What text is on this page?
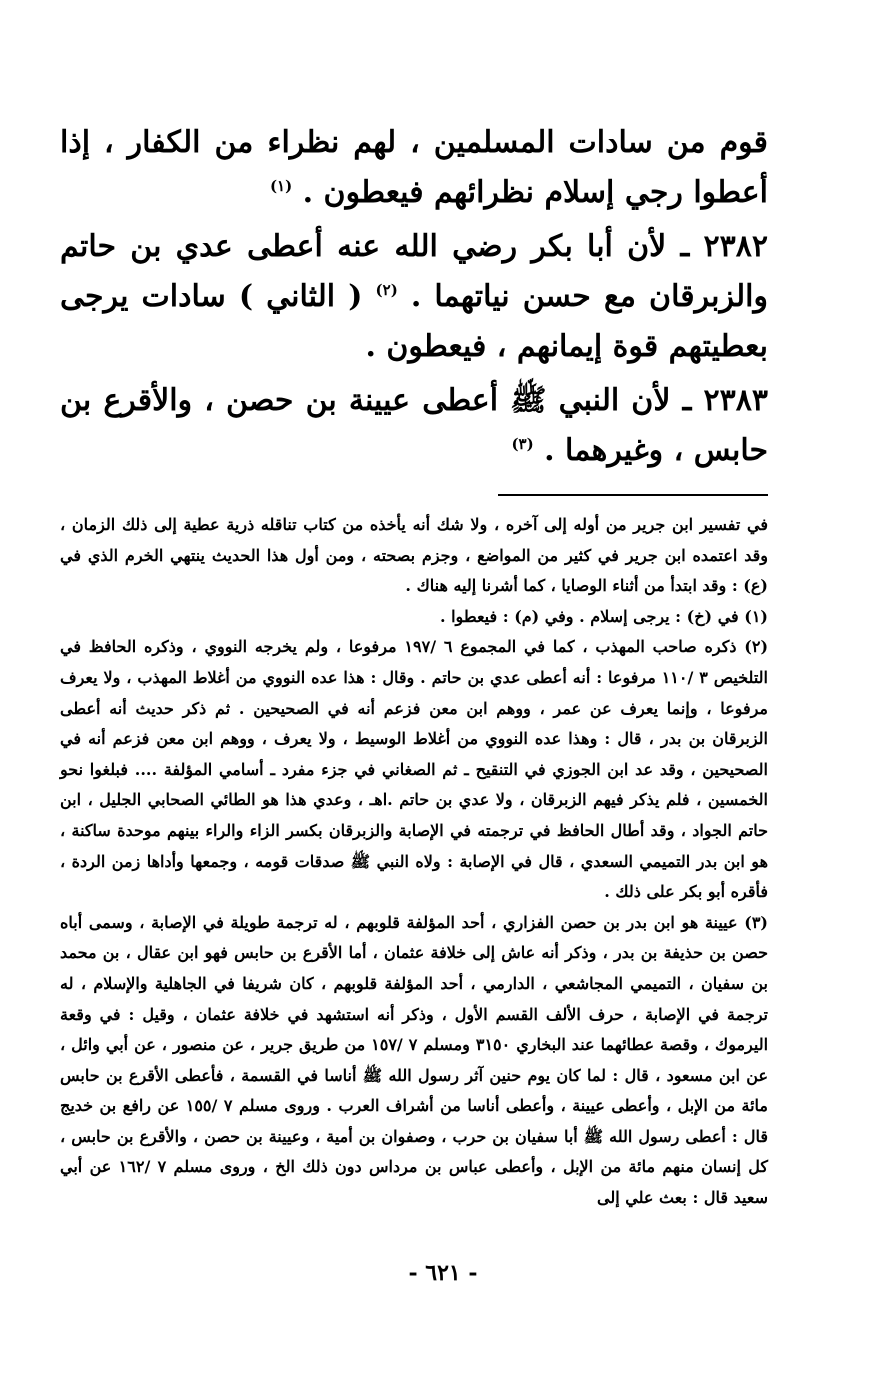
قوم من سادات المسلمين ، لهم نظراء من الكفار ، إذا أعطوا رجي إسلام نظرائهم فيعطون . $^{(١)}$

٢٣٨٢ ـ لأن أبا بكر رضي الله عنه أعطى عدي بن حاتم والزبرقان مع حسن نياتهما . $^{(٢)}$ ( الثاني ) سادات يرجى بعطيتهم قوة إيمانهم ، فيعطون .

٢٣٨٣ ـ لأن النبي ﷺ أعطى عيينة بن حصن ، والأقرع بن حابس ، وغيرهما . $^{(٣)}$

في تفسير ابن جرير من أوله إلى آخره ، ولا شك أنه يأخذه من كتاب تناقله ذرية عطية إلى ذلك الزمان ، وقد اعتمده ابن جرير في كثير من المواضع ، وجزم بصحته ، ومن أول هذا الحديث ينتهي الخرم الذي في (ع) : وقد ابتدأ من أثناء الوصايا ، كما أشرنا إليه هناك .

(١) في (خ) : يرجى إسلام . وفي (م) : فيعطوا .

(٢) ذكره صاحب المهذب ، كما في المجموع ٦ /١٩٧ مرفوعا ، ولم يخرجه النووي ، وذكره الحافظ في التلخيص ٣ /١١٠ مرفوعا : أنه أعطى عدي بن حاتم . وقال : هذا عده النووي من أغلاط المهذب ، ولا يعرف مرفوعا ، وإنما يعرف عن عمر ، ووهم ابن معن فزعم أنه في الصحيحين . ثم ذكر حديث أنه أعطى الزبرقان بن بدر ، قال : وهذا عده النووي من أغلاط الوسيط ، ولا يعرف ، ووهم ابن معن فزعم أنه في الصحيحين ، وقد عد ابن الجوزي في التنقيح ـ ثم الصغاني في جزء مفرد ـ أسامي المؤلفة .... فبلغوا نحو الخمسين ، فلم يذكر فيهم الزبرقان ، ولا عدي بن حاتم .اهـ ، وعدي هذا هو الطائي الصحابي الجليل ، ابن حاتم الجواد ، وقد أطال الحافظ في ترجمته في الإصابة والزبرقان بكسر الزاء والراء بينهم موحدة ساكنة ، هو ابن بدر التميمي السعدي ، قال في الإصابة : ولاه النبي ﷺ صدقات قومه ، وجمعها وأداها زمن الردة ، فأقره أبو بكر على ذلك .

(٣) عيينة هو ابن بدر بن حصن الفزاري ، أحد المؤلفة قلوبهم ، له ترجمة طويلة في الإصابة ، وسمى أباه حصن بن حذيفة بن بدر ، وذكر أنه عاش إلى خلافة عثمان ، أما الأقرع بن حابس فهو ابن عقال ، بن محمد بن سفيان ، التميمي المجاشعي ، الدارمي ، أحد المؤلفة قلوبهم ، كان شريفا في الجاهلية والإسلام ، له ترجمة في الإصابة ، حرف الألف القسم الأول ، وذكر أنه استشهد في خلافة عثمان ، وقيل : في وقعة اليرموك ، وقصة عطائهما عند البخاري ٣١٥٠ ومسلم ٧ /١٥٧ من طريق جرير ، عن منصور ، عن أبي وائل ، عن ابن مسعود ، قال : لما كان يوم حنين آثر رسول الله ﷺ أناسا في القسمة ، فأعطى الأقرع بن حابس مائة من الإبل ، وأعطى عيينة ، وأعطى أناسا من أشراف العرب . وروى مسلم ٧ /١٥٥ عن رافع بن خديج قال : أعطى رسول الله ﷺ أبا سفيان بن حرب ، وصفوان بن أمية ، وعيينة بن حصن ، والأقرع بن حابس ، كل إنسان منهم مائة من الإبل ، وأعطى عباس بن مرداس دون ذلك الخ ، وروى مسلم ٧ /١٦٢ عن أبي سعيد قال : بعث علي إلى

- ٦٢١ -
